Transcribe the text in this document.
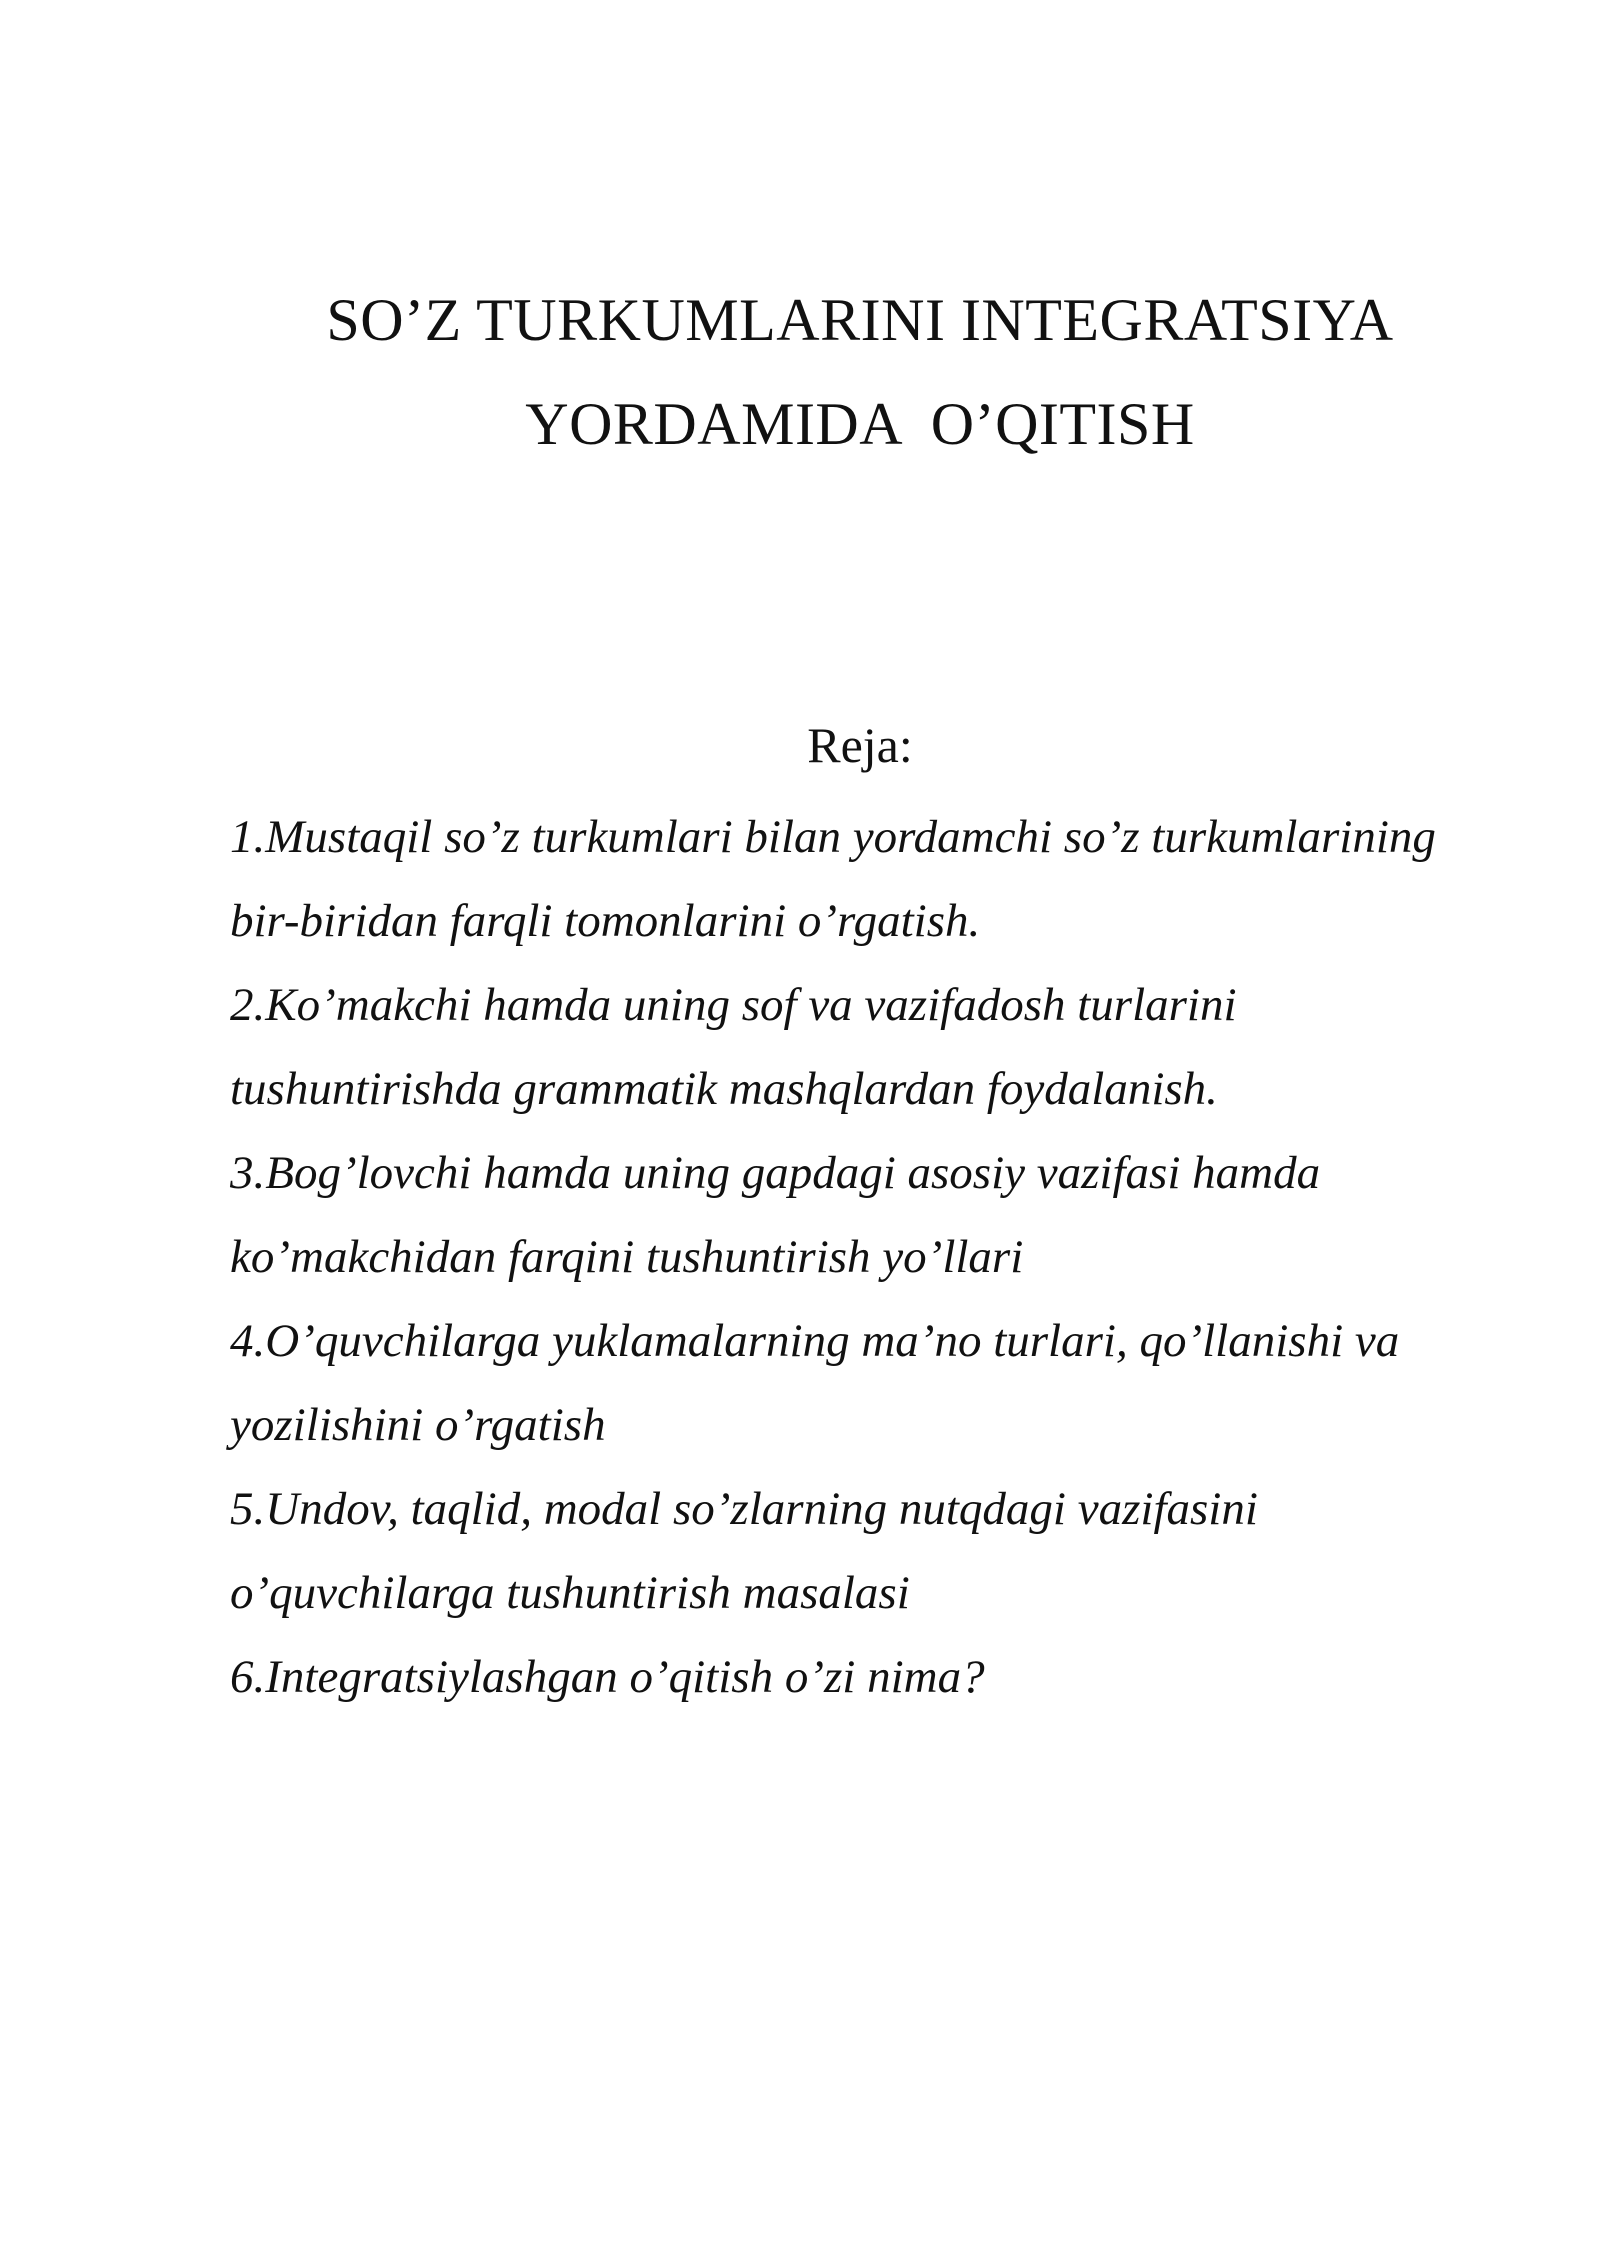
SO’Z TURKUMLARINI INTEGRATSIYA
YORDAMIDA  O’QITISH
Reja:
1.Mustaqil so’z turkumlari bilan yordamchi so’z turkumlarining
bir-biridan farqli tomonlarini o’rgatish.
2.Ko’makchi hamda uning sof va vazifadosh turlarini
tushuntirishda grammatik mashqlardan foydalanish.
3.Bog’lovchi hamda uning gapdagi asosiy vazifasi hamda
ko’makchidan farqini tushuntirish yo’llari
4.O’quvchilarga yuklamalarning ma’no turlari, qo’llanishi va
yozilishini o’rgatish
5.Undov, taqlid, modal so’zlarning nutqdagi vazifasini
o’quvchilarga tushuntirish masalasi
6.Integratsiylashgan o’qitish o’zi nima?
